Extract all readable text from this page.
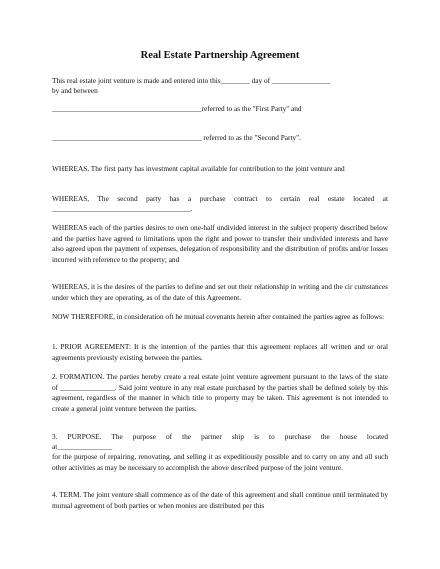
Real Estate Partnership Agreement
This real estate joint venture is made and entered into this________ day of ________________
by and between
_________________________________________referred to as the "First Party" and
_________________________________________ referred to as the "Second Party".
WHEREAS, The first party has investment capital available for contribution to the joint venture and
WHEREAS, The second party has a purchase contract to certain real estate located at
______________________________________.
WHEREAS each of the parties desires to own one-half undivided interest in the subject property described below and the parties have agreed to limitations upon the right and power to transfer their undivided interests and have also agreed upon the payment of expenses, delegation of responsibility and the distribution of profits and/or losses incurred with reference to the property; and
WHEREAS, it is the desires of the parties to define and set out their relationship in writing and the cir cumstances under which they are operating, as of the date of this Agreement.
NOW THEREFORE, in consideration oft he mutual covenants herein after contained the parties agree as follows:
1. PRIOR AGREEMENT: It is the intention of the parties that this agreement replaces all written and or oral agreements previously existing between the parties.
2. FORMATION. The parties hereby create a real estate joint venture agreement pursuant to the laws of the state of _______________. Said joint venture in any real estate purchased by the parties shall be defined solely by this agreement, regardless of the manner in which title to property may be taken. This agreement is not intended to create a general joint venture between the parties.
3. PURPOSE. The purpose of the partner ship is to purchase the house located
at_______________
for the purpose of repairing, renovating, and selling it as expeditiously possible and to carry on any and all such other activities as may be necessary to accomplish the above described purpose of the joint venture.
4. TERM. The joint venture shall commence as of the date of this agreement and shall continue until terminated by mutual agreement of both parties or when monies are distributed per this
